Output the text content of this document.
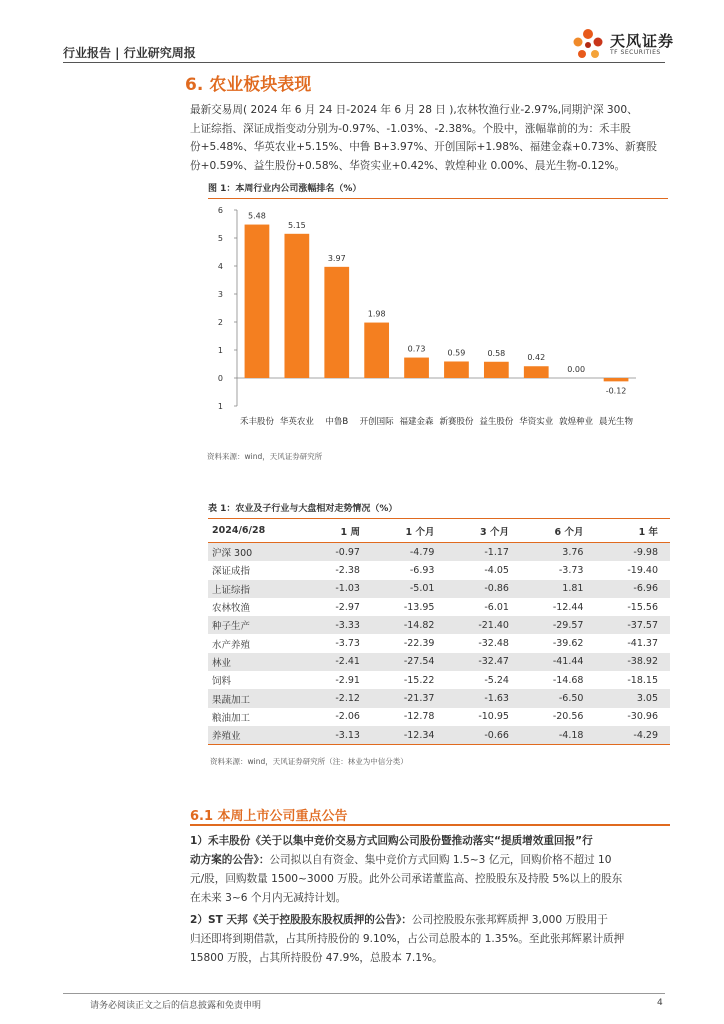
行业报告 | 行业研究周报
天风证券
TF SECURITIES
6. 农业板块表现
最新交易周( 2024 年 6 月 24 日-2024 年 6 月 28 日 ),农林牧渔行业-2.97%,同期沪深 300、
上证综指、深证成指变动分别为-0.97%、-1.03%、-2.38%。个股中，涨幅靠前的为：禾丰股
份+5.48%、华英农业+5.15%、中鲁 B+3.97%、开创国际+1.98%、福建金森+0.73%、新赛股
份+0.59%、益生股份+0.58%、华资实业+0.42%、敦煌种业 0.00%、晨光生物-0.12%。
图 1：本周行业内公司涨幅排名（%）
6
5
4
3
2
1
0
1
5.48
禾丰股份
5.15
华英农业
3.97
中鲁B
1.98
开创国际
0.73
福建金森
0.59
新赛股份
0.58
益生股份
0.42
华资实业
0.00
敦煌种业
-0.12
晨光生物
资料来源：wind，天风证券研究所
表 1：农业及子行业与大盘相对走势情况（%）
2024/6/28	1 周	1 个月	3 个月	6 个月	1 年
沪深 300	-0.97	-4.79	-1.17	3.76	-9.98
深证成指	-2.38	-6.93	-4.05	-3.73	-19.40
上证综指	-1.03	-5.01	-0.86	1.81	-6.96
农林牧渔	-2.97	-13.95	-6.01	-12.44	-15.56
种子生产	-3.33	-14.82	-21.40	-29.57	-37.57
水产养殖	-3.73	-22.39	-32.48	-39.62	-41.37
林业	-2.41	-27.54	-32.47	-41.44	-38.92
饲料	-2.91	-15.22	-5.24	-14.68	-18.15
果蔬加工	-2.12	-21.37	-1.63	-6.50	3.05
粮油加工	-2.06	-12.78	-10.95	-20.56	-30.96
养殖业	-3.13	-12.34	-0.66	-4.18	-4.29
资料来源：wind，天风证券研究所（注：林业为中信分类）
6.1 本周上市公司重点公告
1）禾丰股份《关于以集中竞价交易方式回购公司股份暨推动落实“提质增效重回报”行
动方案的公告》：公司拟以自有资金、集中竞价方式回购 1.5~3 亿元，回购价格不超过 10
元/股，回购数量 1500~3000 万股。此外公司承诺董监高、控股股东及持股 5%以上的股东
在未来 3~6 个月内无减持计划。
2）ST 天邦《关于控股股东股权质押的公告》：公司控股股东张邦辉质押 3,000 万股用于
归还即将到期借款，占其所持股份的 9.10%，占公司总股本的 1.35%。至此张邦辉累计质押
15800 万股，占其所持股份 47.9%，总股本 7.1%。
请务必阅读正文之后的信息披露和免责申明	4
